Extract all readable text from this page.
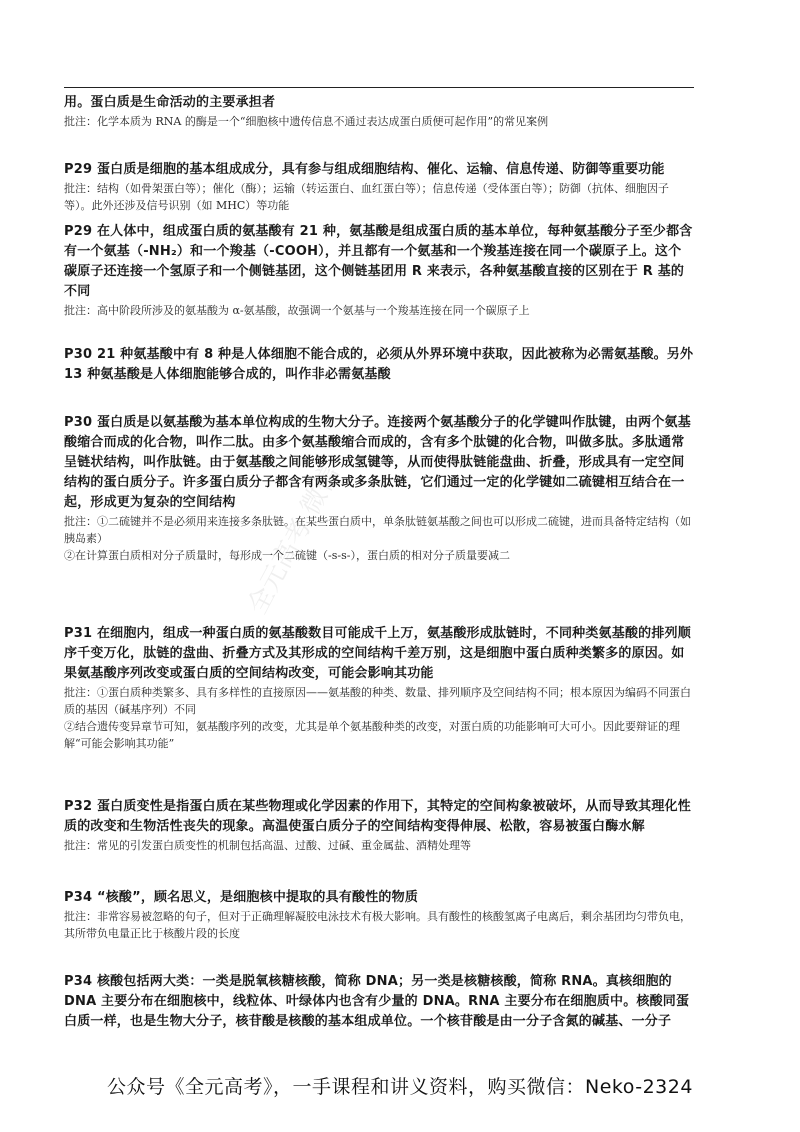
用。蛋白质是生命活动的主要承担者
批注：化学本质为 RNA 的酶是一个“细胞核中遗传信息不通过表达成蛋白质便可起作用”的常见案例
P29 蛋白质是细胞的基本组成成分，具有参与组成细胞结构、催化、运输、信息传递、防御等重要功能
批注：结构（如骨架蛋白等）；催化（酶）；运输（转运蛋白、血红蛋白等）；信息传递（受体蛋白等）；防御（抗体、细胞因子等）。此外还涉及信号识别（如 MHC）等功能
P29 在人体中，组成蛋白质的氨基酸有 21 种，氨基酸是组成蛋白质的基本单位，每种氨基酸分子至少都含有一个氨基（-NH₂）和一个羧基（-COOH），并且都有一个氨基和一个羧基连接在同一个碳原子上。这个碳原子还连接一个氢原子和一个侧链基团，这个侧链基团用 R 来表示，各种氨基酸直接的区别在于 R 基的不同
批注：高中阶段所涉及的氨基酸为 α-氨基酸，故强调一个氨基与一个羧基连接在同一个碳原子上
P30 21 种氨基酸中有 8 种是人体细胞不能合成的，必须从外界环境中获取，因此被称为必需氨基酸。另外 13 种氨基酸是人体细胞能够合成的，叫作非必需氨基酸
P30 蛋白质是以氨基酸为基本单位构成的生物大分子。连接两个氨基酸分子的化学键叫作肽键，由两个氨基酸缩合而成的化合物，叫作二肽。由多个氨基酸缩合而成的，含有多个肽键的化合物，叫做多肽。多肽通常呈链状结构，叫作肽链。由于氨基酸之间能够形成氢键等，从而使得肽链能盘曲、折叠，形成具有一定空间结构的蛋白质分子。许多蛋白质分子都含有两条或多条肽链，它们通过一定的化学键如二硫键相互结合在一起，形成更为复杂的空间结构
批注：①二硫键并不是必须用来连接多条肽链。在某些蛋白质中，单条肽链氨基酸之间也可以形成二硫键，进而具备特定结构（如胰岛素）
②在计算蛋白质相对分子质量时，每形成一个二硫键（-s-s-），蛋白质的相对分子质量要减二
P31 在细胞内，组成一种蛋白质的氨基酸数目可能成千上万，氨基酸形成肽链时，不同种类氨基酸的排列顺序千变万化，肽链的盘曲、折叠方式及其形成的空间结构千差万别，这是细胞中蛋白质种类繁多的原因。如果氨基酸序列改变或蛋白质的空间结构改变，可能会影响其功能
批注：①蛋白质种类繁多、具有多样性的直接原因——氨基酸的种类、数量、排列顺序及空间结构不同；根本原因为编码不同蛋白质的基因（碱基序列）不同
②结合遗传变异章节可知，氨基酸序列的改变，尤其是单个氨基酸种类的改变，对蛋白质的功能影响可大可小。因此要辩证的理解“可能会影响其功能”
P32 蛋白质变性是指蛋白质在某些物理或化学因素的作用下，其特定的空间构象被破坏，从而导致其理化性质的改变和生物活性丧失的现象。高温使蛋白质分子的空间结构变得伸展、松散，容易被蛋白酶水解
批注：常见的引发蛋白质变性的机制包括高温、过酸、过碱、重金属盐、酒精处理等
P34 “核酸”，顾名思义，是细胞核中提取的具有酸性的物质
批注：非常容易被忽略的句子，但对于正确理解凝胶电泳技术有极大影响。具有酸性的核酸氢离子电离后，剩余基团均匀带负电，其所带负电量正比于核酸片段的长度
P34 核酸包括两大类：一类是脱氧核糖核酸，简称 DNA；另一类是核糖核酸，简称 RNA。真核细胞的 DNA 主要分布在细胞核中，线粒体、叶绿体内也含有少量的 DNA。RNA 主要分布在细胞质中。核酸同蛋白质一样，也是生物大分子，核苷酸是核酸的基本组成单位。一个核苷酸是由一分子含氮的碱基、一分子
全元高考 微信
公众号《全元高考》，一手课程和讲义资料，购买微信：Neko-2324
